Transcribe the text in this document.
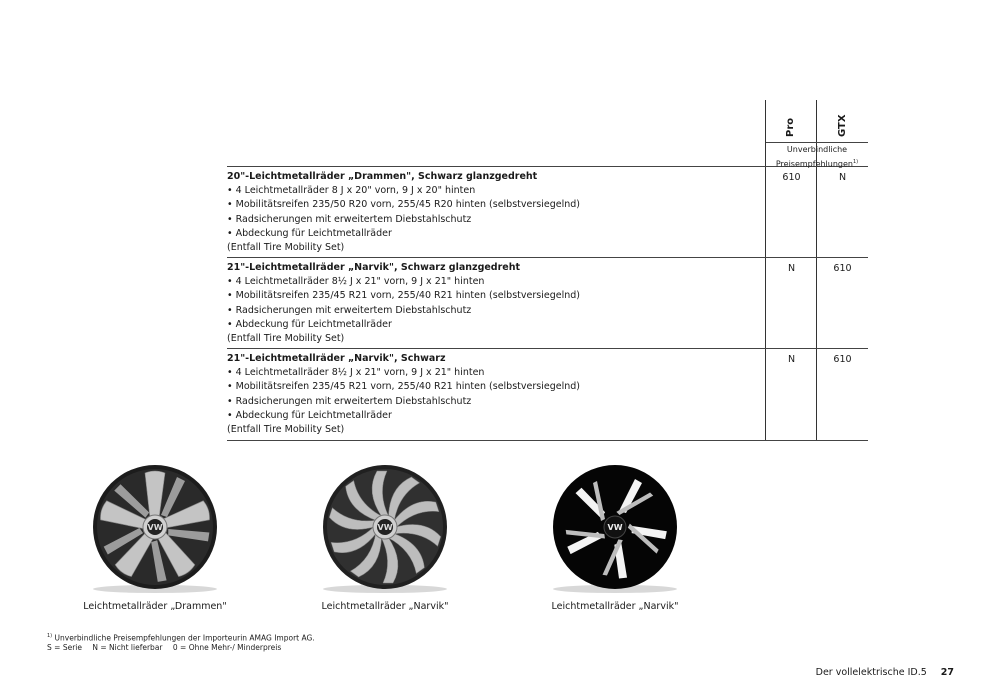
Pro	GTX
Unverbindliche
Preisempfehlungen$^{1)}$
20"-Leichtmetallräder „Drammen", Schwarz glanzgedreht
• 4 Leichtmetallräder 8 J x 20" vorn, 9 J x 20" hinten
• Mobilitätsreifen 235/50 R20 vorn, 255/45 R20 hinten (selbstversiegelnd)
• Radsicherungen mit erweitertem Diebstahlschutz
• Abdeckung für Leichtmetallräder
(Entfall Tire Mobility Set)
610	N
21"-Leichtmetallräder „Narvik", Schwarz glanzgedreht
• 4 Leichtmetallräder 8½ J x 21" vorn, 9 J x 21" hinten
• Mobilitätsreifen 235/45 R21 vorn, 255/40 R21 hinten (selbstversiegelnd)
• Radsicherungen mit erweitertem Diebstahlschutz
• Abdeckung für Leichtmetallräder
(Entfall Tire Mobility Set)
N	610
21"-Leichtmetallräder „Narvik", Schwarz
• 4 Leichtmetallräder 8½ J x 21" vorn, 9 J x 21" hinten
• Mobilitätsreifen 235/45 R21 vorn, 255/40 R21 hinten (selbstversiegelnd)
• Radsicherungen mit erweitertem Diebstahlschutz
• Abdeckung für Leichtmetallräder
(Entfall Tire Mobility Set)
N	610
VW
Leichtmetallräder „Drammen"
VW
Leichtmetallräder „Narvik"
VW
Leichtmetallräder „Narvik"
$^{1)}$ Unverbindliche Preisempfehlungen der Importeurin AMAG Import AG.
S = Serie N = Nicht lieferbar 0 = Ohne Mehr-/ Minderpreis
Der vollelektrische ID.5 27
